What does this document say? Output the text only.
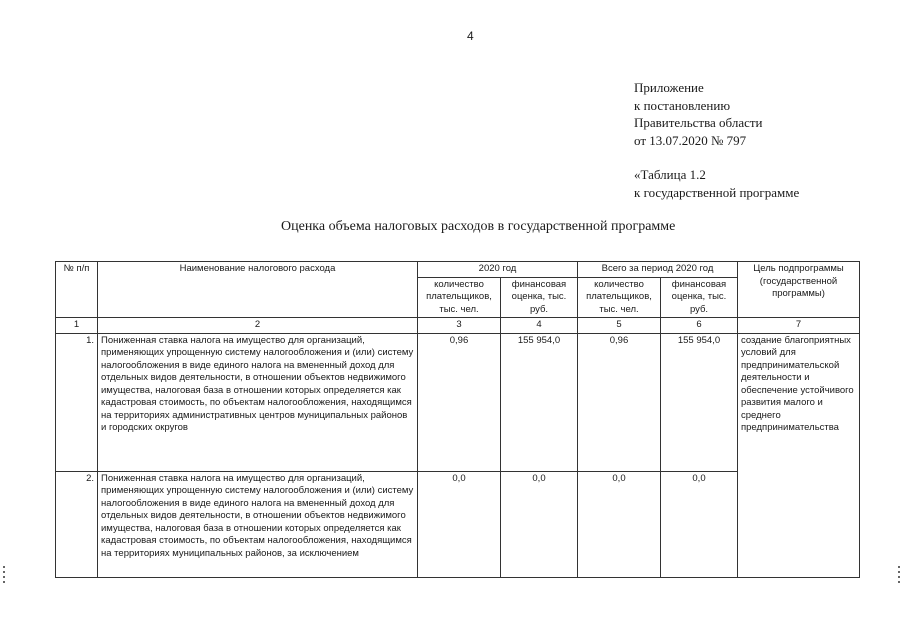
4
Приложение
к постановлению
Правительства области
от 13.07.2020 № 797
«Таблица 1.2
к государственной программе
Оценка объема налоговых расходов в государственной программе
№ п/п	Наименование налогового расхода	2020 год		Всего за период 2020 год		Цель подпрограммы (государственной программы)
		количество плательщиков, тыс. чел.	финансовая оценка, тыс. руб.	количество плательщиков, тыс. чел.	финансовая оценка, тыс. руб.	
1	2	3	4	5	6	7
1.	Пониженная ставка налога на имущество для организаций, применяющих упрощенную систему налогообложения и (или) систему налогообложения в виде единого налога на вмененный доход для отдельных видов деятельности, в отношении объектов недвижимого имущества, налоговая база в отношении которых определяется как кадастровая стоимость, по объектам налогообложения, находящимся на территориях административных центров муниципальных районов и городских округов	0,96	155 954,0	0,96	155 954,0	создание благоприятных условий для предпринимательской деятельности и обеспечение устойчивого развития малого и среднего предпринимательства
2.	Пониженная ставка налога на имущество для организаций, применяющих упрощенную систему налогообложения и (или) систему налогообложения в виде единого налога на вмененный доход для отдельных видов деятельности, в отношении объектов недвижимого имущества, налоговая база в отношении которых определяется как кадастровая стоимость, по объектам налогообложения, находящимся на территориях муниципальных районов, за исключением	0,0	0,0	0,0	0,0	
